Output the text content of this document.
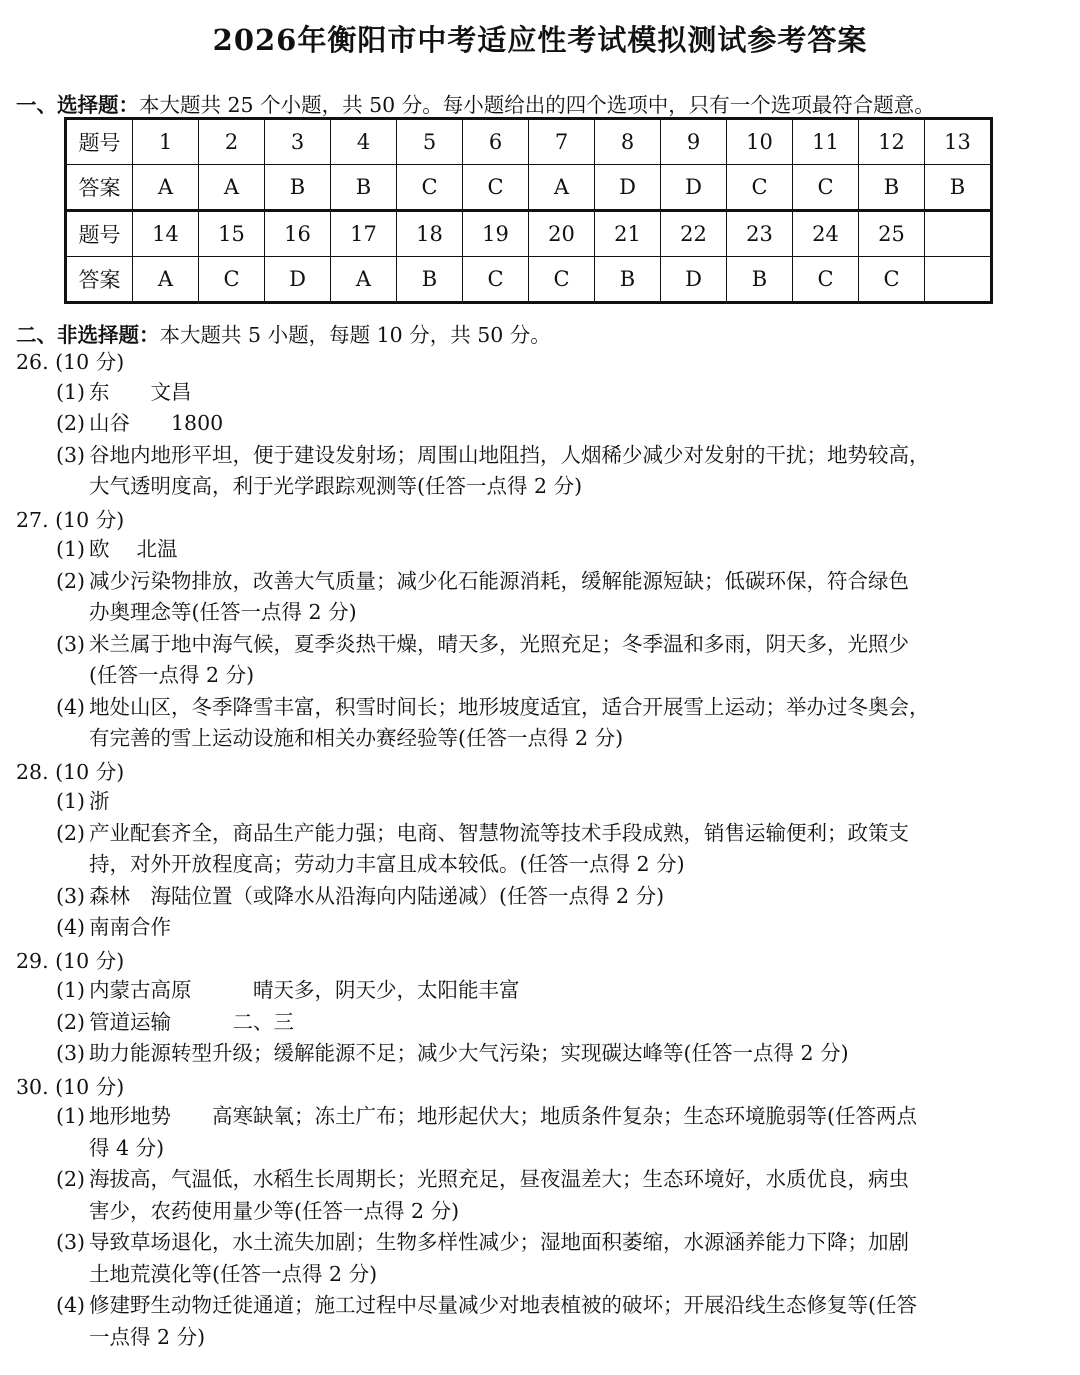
2026年衡阳市中考适应性考试模拟测试参考答案
一、选择题：本大题共 25 个小题，共 50 分。每小题给出的四个选项中，只有一个选项最符合题意。
题号	1	2	3	4	5	6	7	8	9	10	11	12	13
答案	A	A	B	B	C	C	A	D	D	C	C	B	B
题号	14	15	16	17	18	19	20	21	22	23	24	25	
答案	A	C	D	A	B	C	C	B	D	B	C	C	
二、非选择题：本大题共 5 小题，每题 10 分，共 50 分。
26. (10 分)
(1) 东　　文昌
(2) 山谷　　1800
(3) 谷地内地形平坦，便于建设发射场；周围山地阻挡，人烟稀少减少对发射的干扰；地势较高，
大气透明度高，利于光学跟踪观测等(任答一点得 2 分)
27. (10 分)
(1) 欧　 北温
(2) 减少污染物排放，改善大气质量；减少化石能源消耗，缓解能源短缺；低碳环保，符合绿色
办奥理念等(任答一点得 2 分)
(3) 米兰属于地中海气候，夏季炎热干燥，晴天多，光照充足；冬季温和多雨，阴天多，光照少
(任答一点得 2 分)
(4) 地处山区，冬季降雪丰富，积雪时间长；地形坡度适宜，适合开展雪上运动；举办过冬奥会，
有完善的雪上运动设施和相关办赛经验等(任答一点得 2 分)
28. (10 分)
(1) 浙
(2) 产业配套齐全，商品生产能力强；电商、智慧物流等技术手段成熟，销售运输便利；政策支
持，对外开放程度高；劳动力丰富且成本较低。(任答一点得 2 分)
(3) 森林　海陆位置（或降水从沿海向内陆递减）(任答一点得 2 分)
(4) 南南合作
29. (10 分)
(1) 内蒙古高原　　　晴天多，阴天少，太阳能丰富
(2) 管道运输　　　二、三
(3) 助力能源转型升级；缓解能源不足；减少大气污染；实现碳达峰等(任答一点得 2 分)
30. (10 分)
(1) 地形地势　　高寒缺氧；冻土广布；地形起伏大；地质条件复杂；生态环境脆弱等(任答两点
得 4 分)
(2) 海拔高，气温低，水稻生长周期长；光照充足，昼夜温差大；生态环境好，水质优良，病虫
害少，农药使用量少等(任答一点得 2 分)
(3) 导致草场退化，水土流失加剧；生物多样性减少；湿地面积萎缩，水源涵养能力下降；加剧
土地荒漠化等(任答一点得 2 分)
(4) 修建野生动物迁徙通道；施工过程中尽量减少对地表植被的破坏；开展沿线生态修复等(任答
一点得 2 分)
